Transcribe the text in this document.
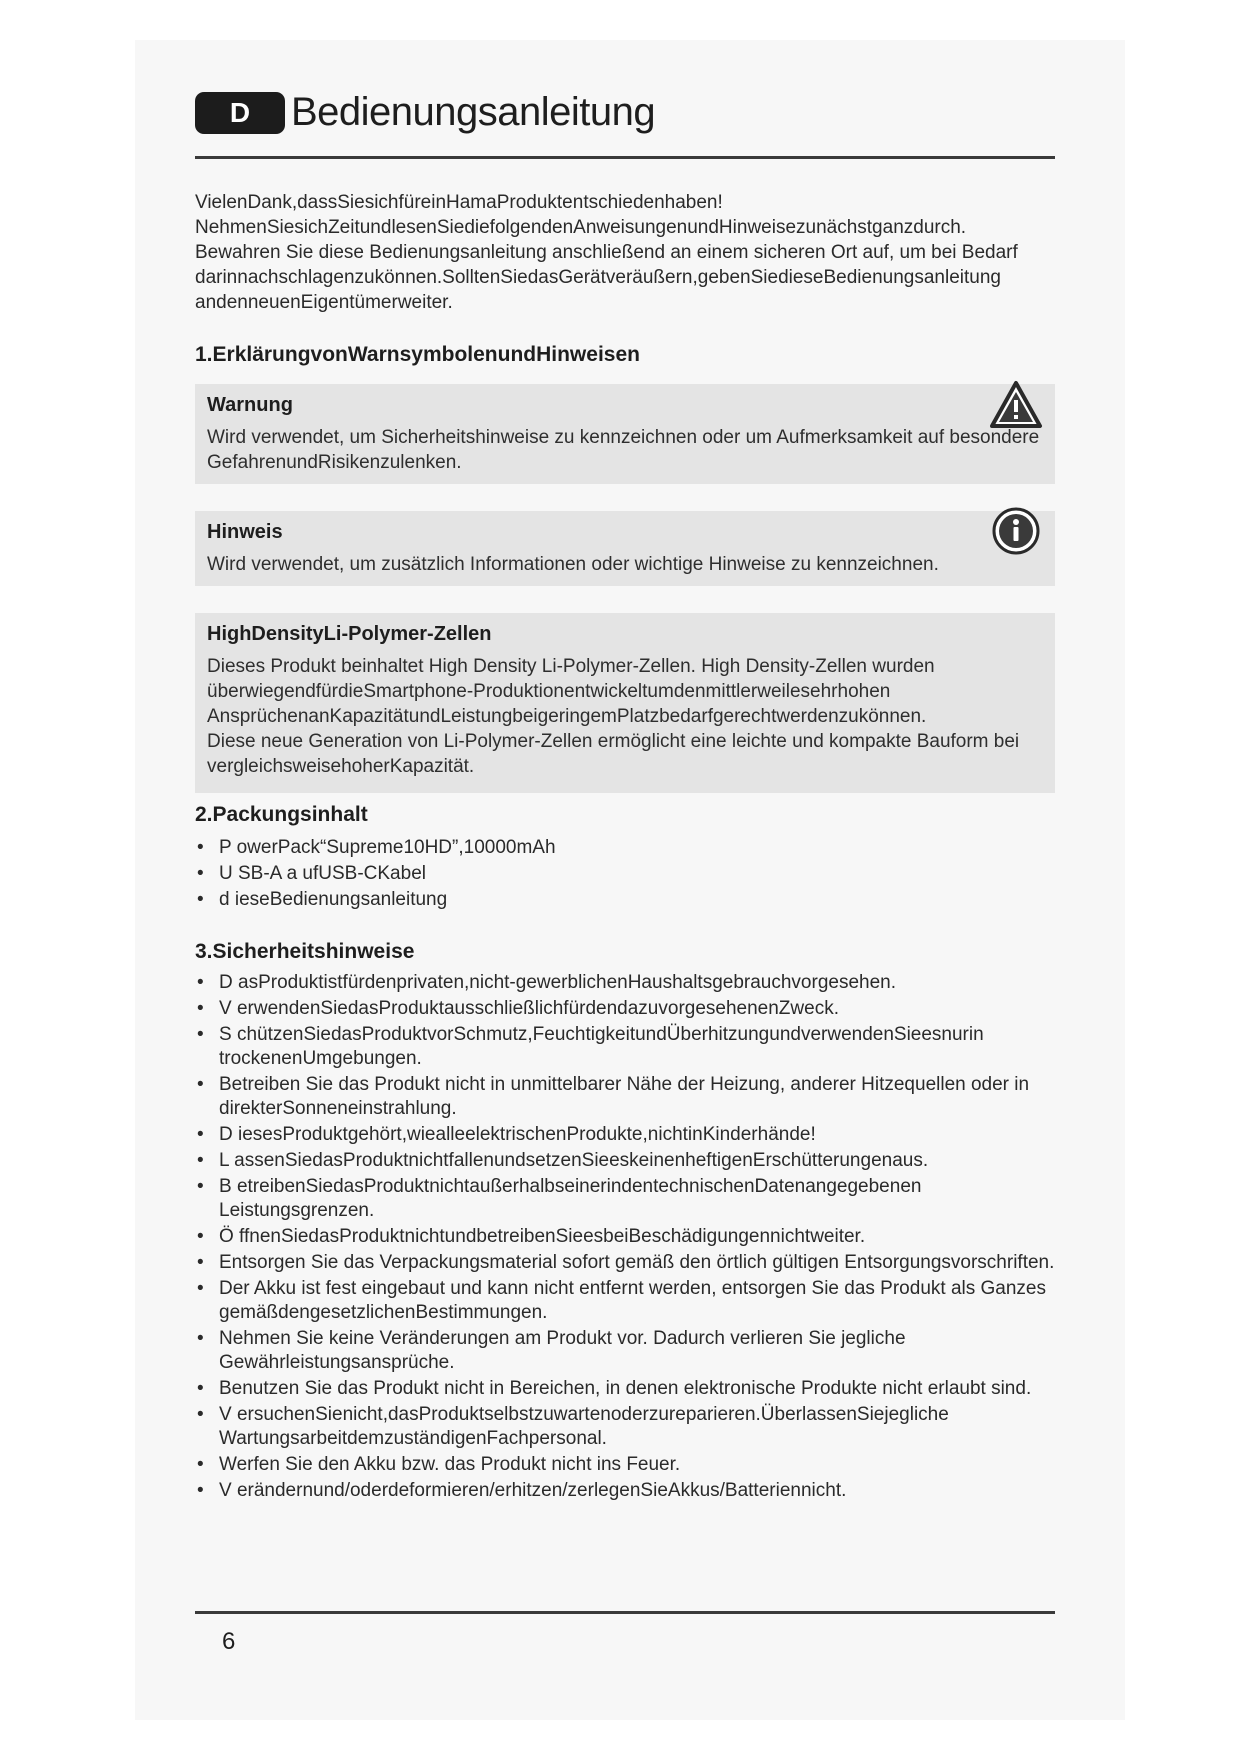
D	Bedienungsanleitung

VielenDank,dassSiesichfüreinHamaProduktentschiedenhaben!

NehmenSiesichZeitundlesenSiediefolgendenAnweisungenundHinweisezunächstganzdurch.

Bewahren Sie diese Bedienungsanleitung anschließend an einem sicheren Ort auf, um bei Bedarf

darinnachschlagenzukönnen.SolltenSiedasGerätveräußern,gebenSiedieseBedienungsanleitung

andenneuenEigentümerweiter.

1.ErklärungvonWarnsymbolenundHinweisen
Warnung

Wird verwendet, um Sicherheitshinweise zu kennzeichnen oder um Aufmerksamkeit auf besondere GefahrenundRisikenzulenken.

Hinweis

Wird verwendet, um zusätzlich Informationen oder wichtige Hinweise zu kennzeichnen.

HighDensityLi-Polymer-Zellen

Dieses Produkt beinhaltet High Density Li-Polymer-Zellen. High Density-Zellen wurden

überwiegendfürdieSmartphone-Produktionentwickeltumdenmittlerweilesehrhohen

AnsprüchenanKapazitätundLeistungbeigeringemPlatzbedarfgerechtwerdenzukönnen.

Diese neue Generation von Li-Polymer-Zellen ermöglicht eine leichte und kompakte Bauform bei

vergleichsweisehoherKapazität.

2.Packungsinhalt
• P owerPack“Supreme10HD”,10000mAh
• U SB-A a ufUSB-CKabel
• d ieseBedienungsanleitung
3.Sicherheitshinweise
• D asProduktistfürdenprivaten,nicht-gewerblichenHaushaltsgebrauchvorgesehen.
• V erwendenSiedasProduktausschließlichfürdendazuvorgesehenenZweck.
• S chützenSiedasProduktvorSchmutz,FeuchtigkeitundÜberhitzungundverwendenSieesnurin trockenenUmgebungen.
• Betreiben Sie das Produkt nicht in unmittelbarer Nähe der Heizung, anderer Hitzequellen oder in direkterSonneneinstrahlung.
• D iesesProduktgehört,wiealleelektrischenProdukte,nichtinKinderhände!
• L assenSiedasProduktnichtfallenundsetzenSieeskeinenheftigenErschütterungenaus.
• B etreibenSiedasProduktnichtaußerhalbseinerindentechnischenDatenangegebenen Leistungsgrenzen.
• Ö ffnenSiedasProduktnichtundbetreibenSieesbeiBeschädigungennichtweiter.
• Entsorgen Sie das Verpackungsmaterial sofort gemäß den örtlich gültigen Entsorgungsvorschriften.
• Der Akku ist fest eingebaut und kann nicht entfernt werden, entsorgen Sie das Produkt als Ganzes gemäßdengesetzlichenBestimmungen.
• Nehmen Sie keine Veränderungen am Produkt vor. Dadurch verlieren Sie jegliche Gewährleistungsansprüche.
• Benutzen Sie das Produkt nicht in Bereichen, in denen elektronische Produkte nicht erlaubt sind.
• V ersuchenSienicht,dasProduktselbstzuwartenoderzureparieren.ÜberlassenSiejegliche WartungsarbeitdemzuständigenFachpersonal.
• Werfen Sie den Akku bzw. das Produkt nicht ins Feuer.
• V erändernund/oderdeformieren/erhitzen/zerlegenSieAkkus/Batteriennicht.
6
